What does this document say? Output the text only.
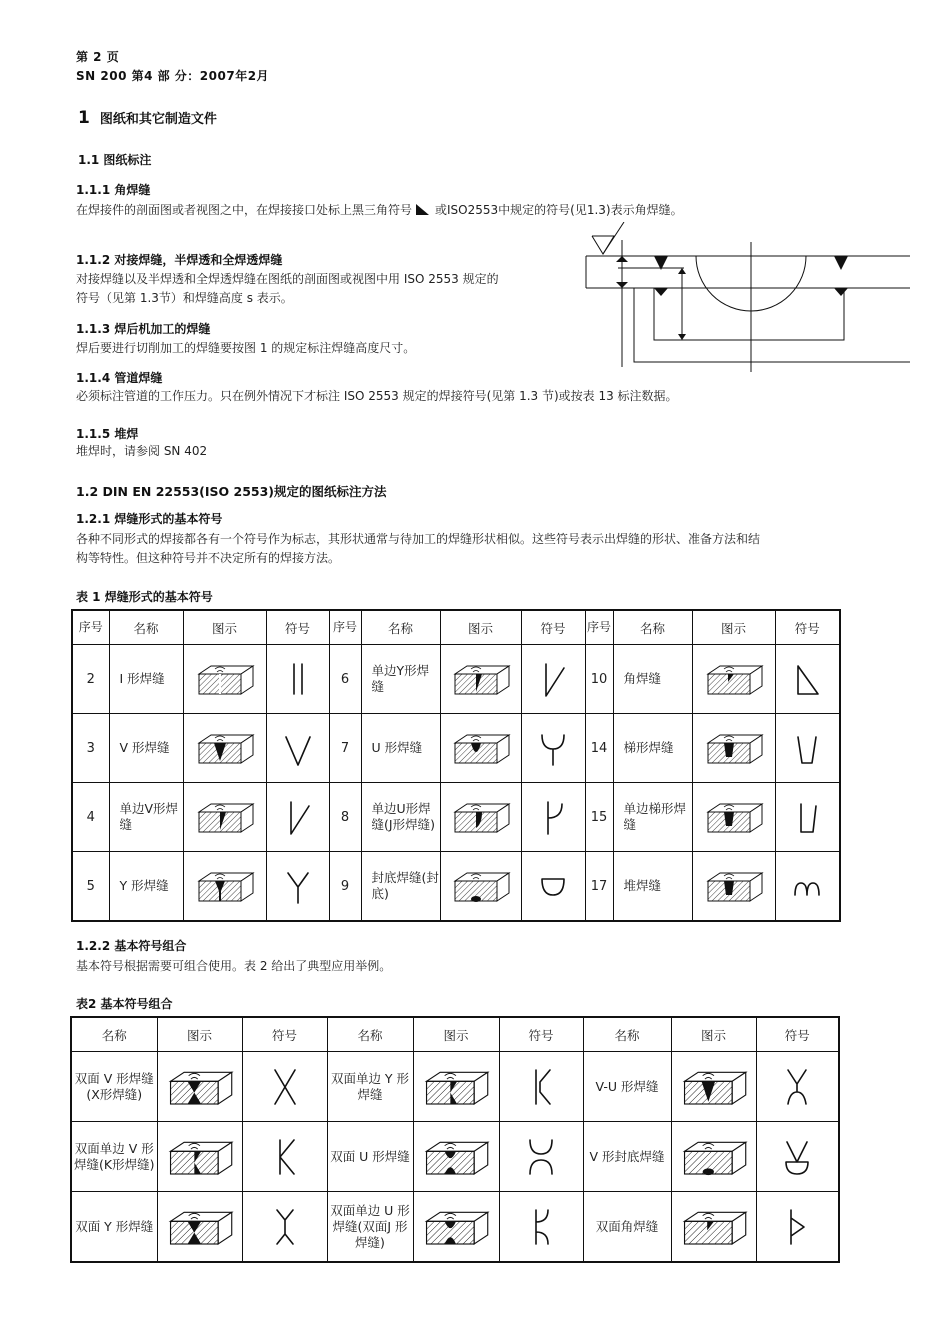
第 2 页
SN 200 第4 部 分：2007年2月
1 图纸和其它制造文件
1.1 图纸标注
1.1.1 角焊缝
在焊接件的剖面图或者视图之中，在焊接接口处标上黑三角符号 或ISO2553中规定的符号(见1.3)表示角焊缝。
1.1.2 对接焊缝，半焊透和全焊透焊缝
对接焊缝以及半焊透和全焊透焊缝在图纸的剖面图或视图中用 ISO 2553 规定的
符号（见第 1.3节）和焊缝高度 s 表示。
1.1.3 焊后机加工的焊缝
焊后要进行切削加工的焊缝要按图 1 的规定标注焊缝高度尺寸。
1.1.4 管道焊缝
必须标注管道的工作压力。只在例外情况下才标注 ISO 2553 规定的焊接符号(见第 1.3 节)或按表 13 标注数据。
1.1.5 堆焊
堆焊时，请参阅 SN 402
1.2 DIN EN 22553(ISO 2553)规定的图纸标注方法
1.2.1 焊缝形式的基本符号
各种不同形式的焊接都各有一个符号作为标志，其形状通常与待加工的焊缝形状相似。这些符号表示出焊缝的形状、准备方法和结
构等特性。但这种符号并不决定所有的焊接方法。
表 1 焊缝形式的基本符号
序号	名称	图示	符号	序号	名称	图示	符号	序号	名称	图示	符号
2	I 形焊缝			6	单边Y形焊缝			10	角焊缝		
3	V 形焊缝			7	U 形焊缝			14	梯形焊缝		
4	单边V形焊缝			8	单边U形焊缝(J形焊缝)			15	单边梯形焊缝		
5	Y 形焊缝			9	封底焊缝(封底)			17	堆焊缝		
1.2.2 基本符号组合
基本符号根据需要可组合使用。表 2 给出了典型应用举例。
表2 基本符号组合
名称	图示	符号	名称	图示	符号	名称	图示	符号
双面 V 形焊缝(X形焊缝)			双面单边 Y 形焊缝			V-U 形焊缝		
双面单边 V 形焊缝(K形焊缝)			双面 U 形焊缝			V 形封底焊缝		
双面 Y 形焊缝			双面单边 U 形焊缝(双面J 形焊缝)			双面角焊缝		
